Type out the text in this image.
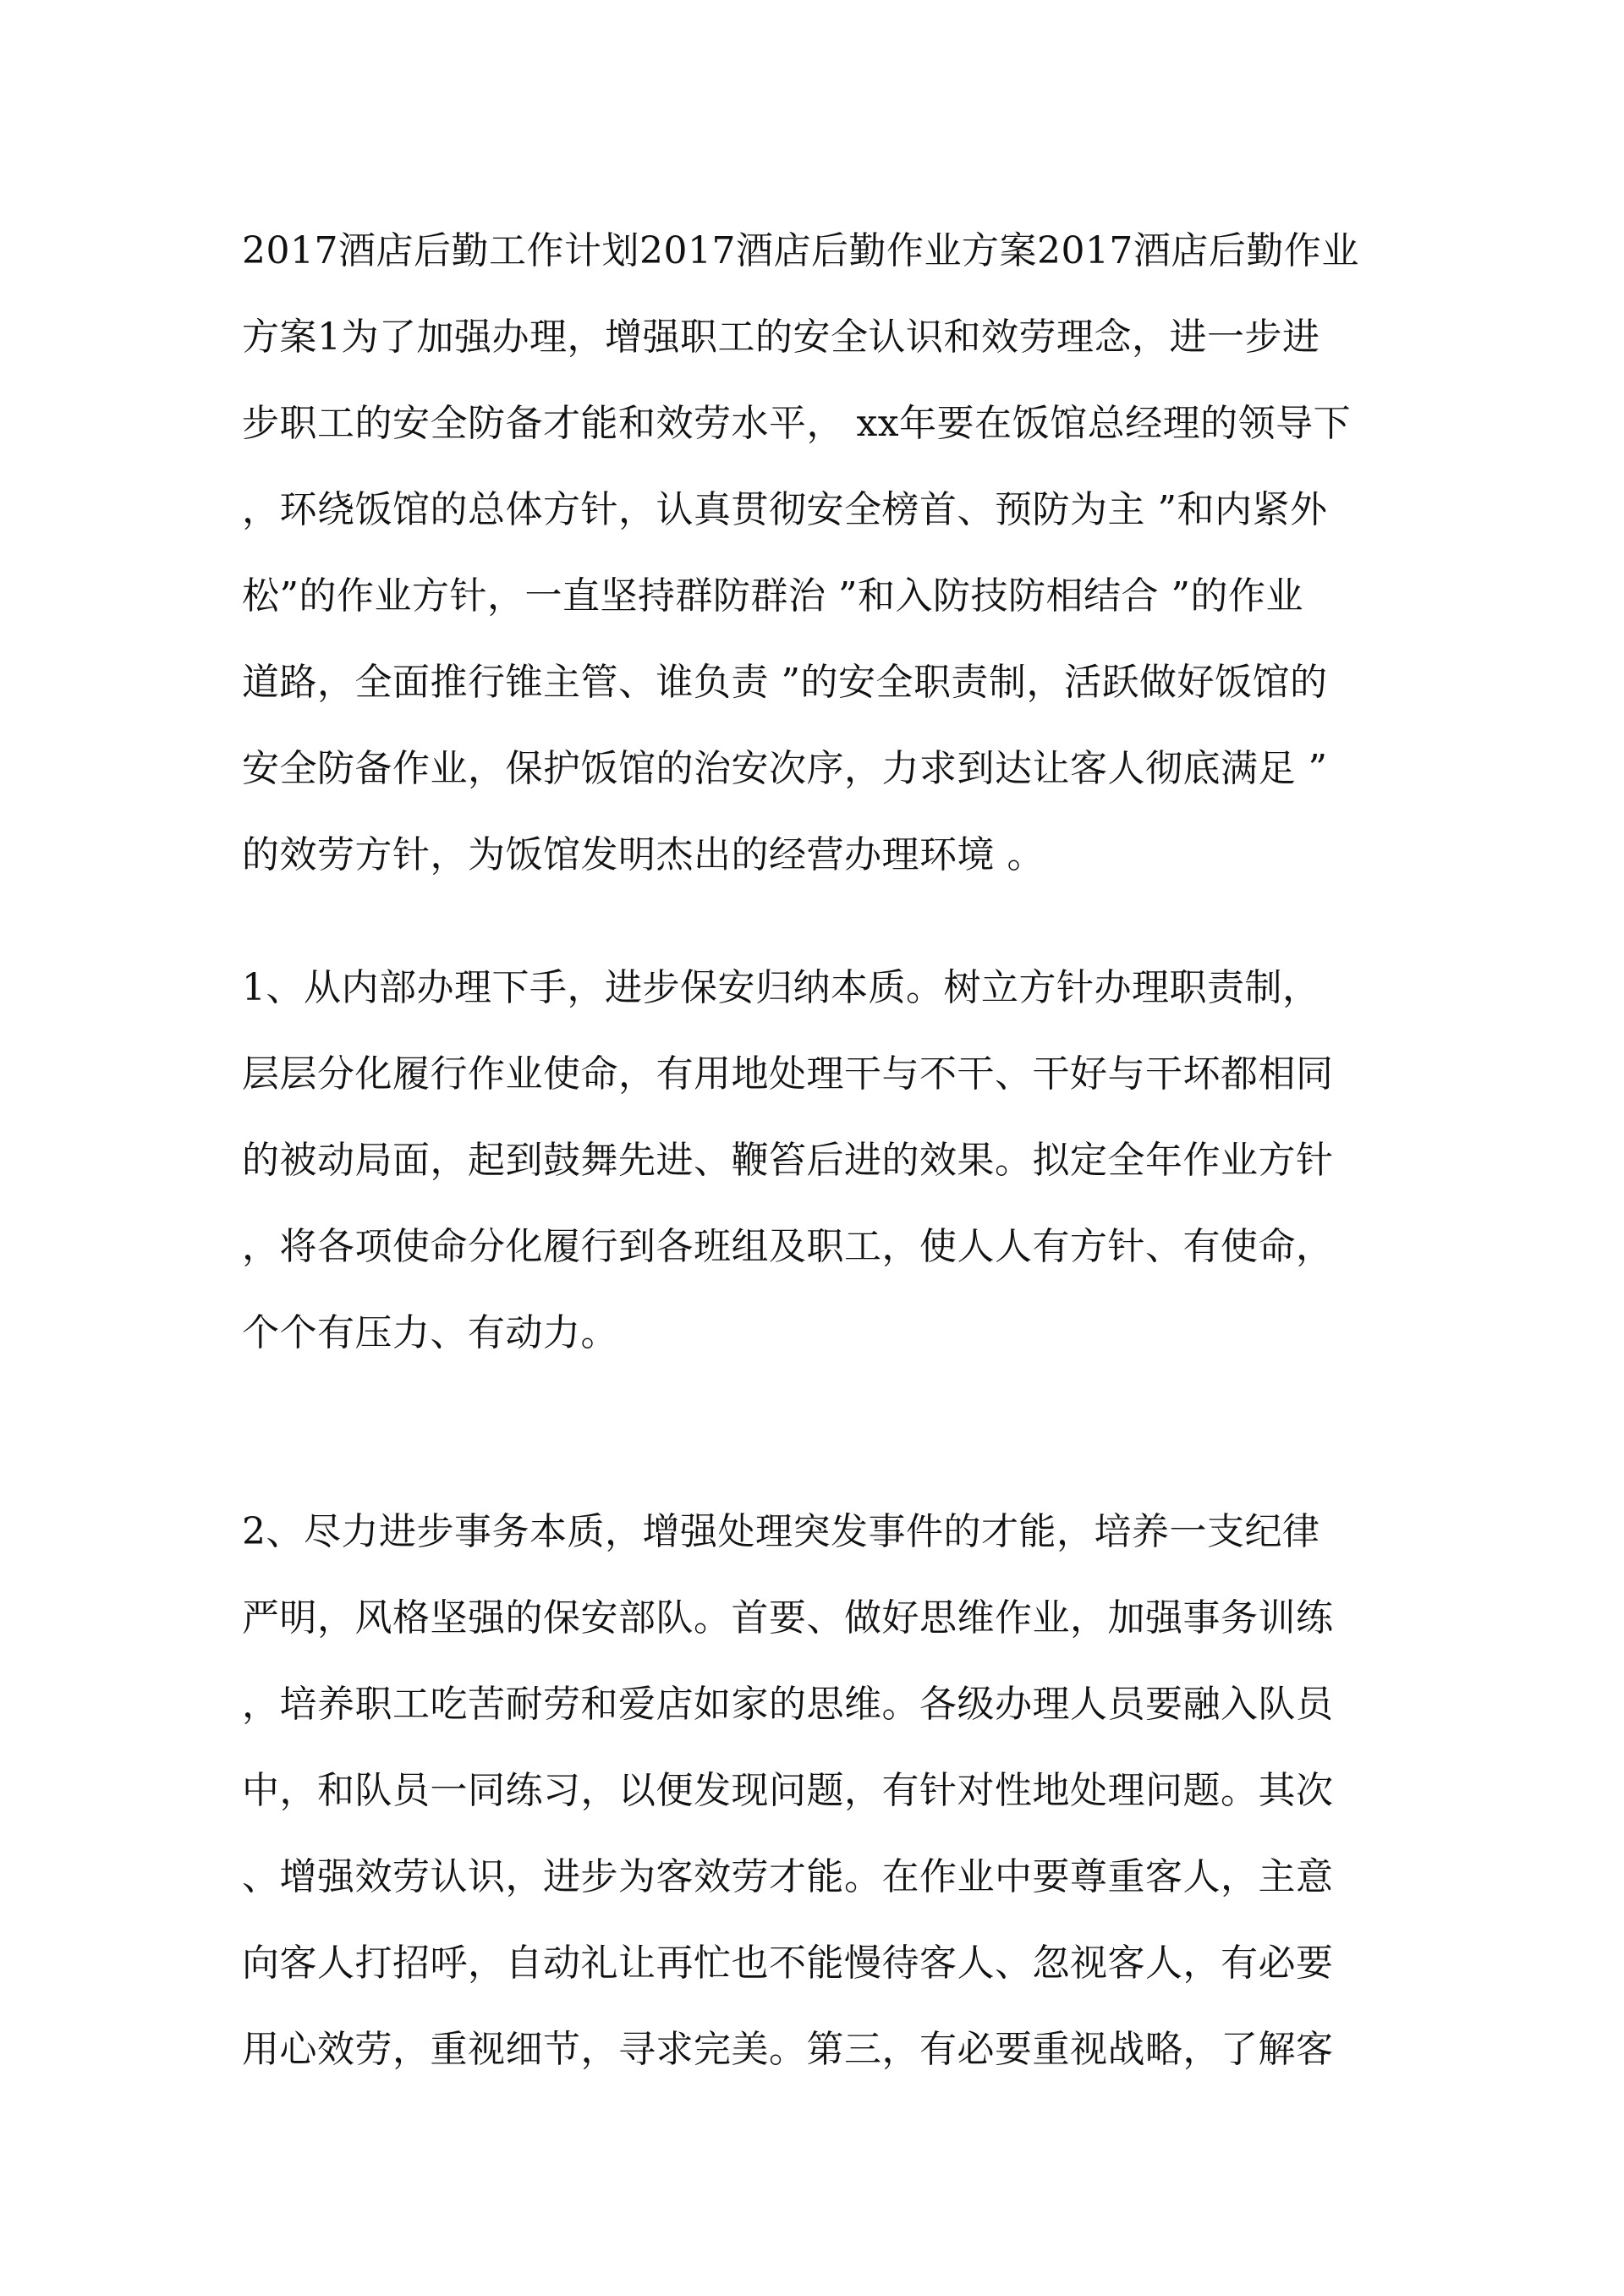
2017酒店后勤工作计划2017酒店后勤作业方案2017酒店后勤作业
方案1为了加强办理，增强职工的安全认识和效劳理念，进一步进
步职工的安全防备才能和效劳水平， xx年要在饭馆总经理的领导下
，环绕饭馆的总体方针，认真贯彻安全榜首、预防为主 ”和内紧外
松”的作业方针，一直坚持群防群治 ”和入防技防相结合 ”的作业
道路，全面推行锥主管、谁负责 ”的安全职责制，活跃做好饭馆的
安全防备作业，保护饭馆的治安次序，力求到达让客人彻底满足 ”
的效劳方针，为饭馆发明杰出的经营办理环境 。
1、从内部办理下手，进步保安归纳本质。树立方针办理职责制，
层层分化履行作业使命，有用地处理干与不干、干好与干坏都相同
的被动局面，起到鼓舞先进、鞭笞后进的效果。拟定全年作业方针
，将各项使命分化履行到各班组及职工，使人人有方针、有使命，
个个有压力、有动力。
2、尽力进步事务本质，增强处理突发事件的才能，培养一支纪律
严明，风格坚强的保安部队。首要、做好思维作业，加强事务训练
，培养职工吃苦耐劳和爱店如家的思维。各级办理人员要融入队员
中，和队员一同练习，以便发现问题，有针对性地处理问题。其次
、增强效劳认识，进步为客效劳才能。在作业中要尊重客人，主意
向客人打招呼，自动礼让再忙也不能慢待客人、忽视客人，有必要
用心效劳，重视细节，寻求完美。第三，有必要重视战略，了解客
